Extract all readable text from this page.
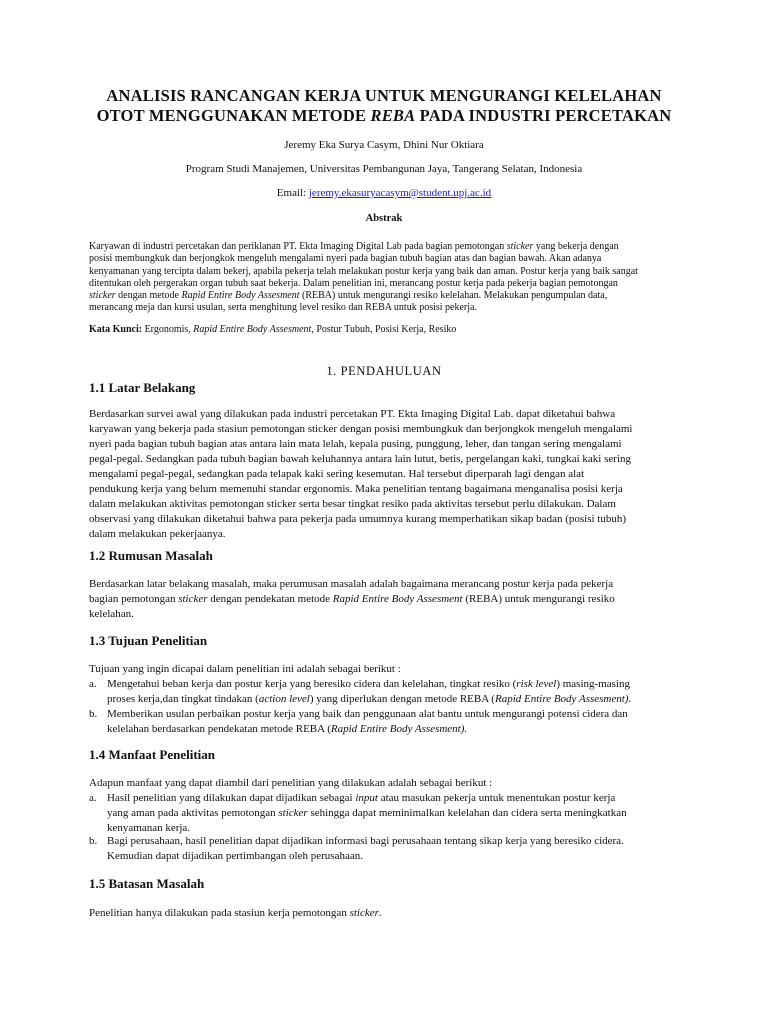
ANALISIS RANCANGAN KERJA UNTUK MENGURANGI KELELAHAN
OTOT MENGGUNAKAN METODE REBA PADA INDUSTRI PERCETAKAN
Jeremy Eka Surya Casym, Dhini Nur Oktiara
Program Studi Manajemen, Universitas Pembangunan Jaya, Tangerang Selatan, Indonesia
Email: jeremy.ekasuryacasym@student.upj.ac.id
Abstrak
Karyawan di industri percetakan dan periklanan PT. Ekta Imaging Digital Lab pada bagian pemotongan sticker yang bekerja dengan
posisi membungkuk dan berjongkok mengeluh mengalami nyeri pada bagian tubuh bagian atas dan bagian bawah. Akan adanya
kenyamanan yang tercipta dalam bekerj, apabila pekerja telah melakukan postur kerja yang baik dan aman. Postur kerja yang baik sangat
ditentukan oleh pergerakan organ tubuh saat bekerja. Dalam penelitian ini, merancang postur kerja pada pekerja bagian pemotongan
sticker dengan metode Rapid Entire Body Assesment (REBA) untuk mengurangi resiko kelelahan. Melakukan pengumpulan data,
merancang meja dan kursi usulan, serta menghitung level resiko dan REBA untuk posisi pekerja.
Kata Kunci: Ergonomis, Rapid Entire Body Assesment, Postur Tubuh, Posisi Kerja, Resiko
1. PENDAHULUAN
1.1 Latar Belakang
Berdasarkan survei awal yang dilakukan pada industri percetakan PT. Ekta Imaging Digital Lab. dapat diketahui bahwa
karyawan yang bekerja pada stasiun pemotongan sticker dengan posisi membungkuk dan berjongkok mengeluh mengalami
nyeri pada bagian tubuh bagian atas antara lain mata lelah, kepala pusing, punggung, leher, dan tangan sering mengalami
pegal-pegal. Sedangkan pada tubuh bagian bawah keluhannya antara lain lutut, betis, pergelangan kaki, tungkai kaki sering
mengalami pegal-pegal, sedangkan pada telapak kaki sering kesemutan. Hal tersebut diperparah lagi dengan alat
pendukung kerja yang belum memenuhi standar ergonomis. Maka penelitian tentang bagaimana menganalisa posisi kerja
dalam melakukan aktivitas pemotongan sticker serta besar tingkat resiko pada aktivitas tersebut perlu dilakukan. Dalam
observasi yang dilakukan diketahui bahwa para pekerja pada umumnya kurang memperhatikan sikap badan (posisi tubuh)
dalam melakukan pekerjaanya.
1.2 Rumusan Masalah
Berdasarkan latar belakang masalah, maka perumusan masalah adalah bagaimana merancang postur kerja pada pekerja
bagian pemotongan sticker dengan pendekatan metode Rapid Entire Body Assesment (REBA) untuk mengurangi resiko
kelelahan.
1.3 Tujuan Penelitian
Tujuan yang ingin dicapai dalam penelitian ini adalah sebagai berikut :
a. Mengetahui beban kerja dan postur kerja yang beresiko cidera dan kelelahan, tingkat resiko (risk level) masing-masing
proses kerja,dan tingkat tindakan (action level) yang diperlukan dengan metode REBA (Rapid Entire Body Assesment).
b. Memberikan usulan perbaikan postur kerja yang baik dan penggunaan alat bantu untuk mengurangi potensi cidera dan
kelelahan berdasarkan pendekatan metode REBA (Rapid Entire Body Assesment).
1.4 Manfaat Penelitian
Adapun manfaat yang dapat diambil dari penelitian yang dilakukan adalah sebagai berikut :
a. Hasil penelitian yang dilakukan dapat dijadikan sebagai input atau masukan pekerja untuk menentukan postur kerja
yang aman pada aktivitas pemotongan sticker sehingga dapat meminimalkan kelelahan dan cidera serta meningkatkan
kenyamanan kerja.
b. Bagi perusahaan, hasil penelitian dapat dijadikan informasi bagi perusahaan tentang sikap kerja yang beresiko cidera.
Kemudian dapat dijadikan pertimbangan oleh perusahaan.
1.5 Batasan Masalah
Penelitian hanya dilakukan pada stasiun kerja pemotongan sticker.
